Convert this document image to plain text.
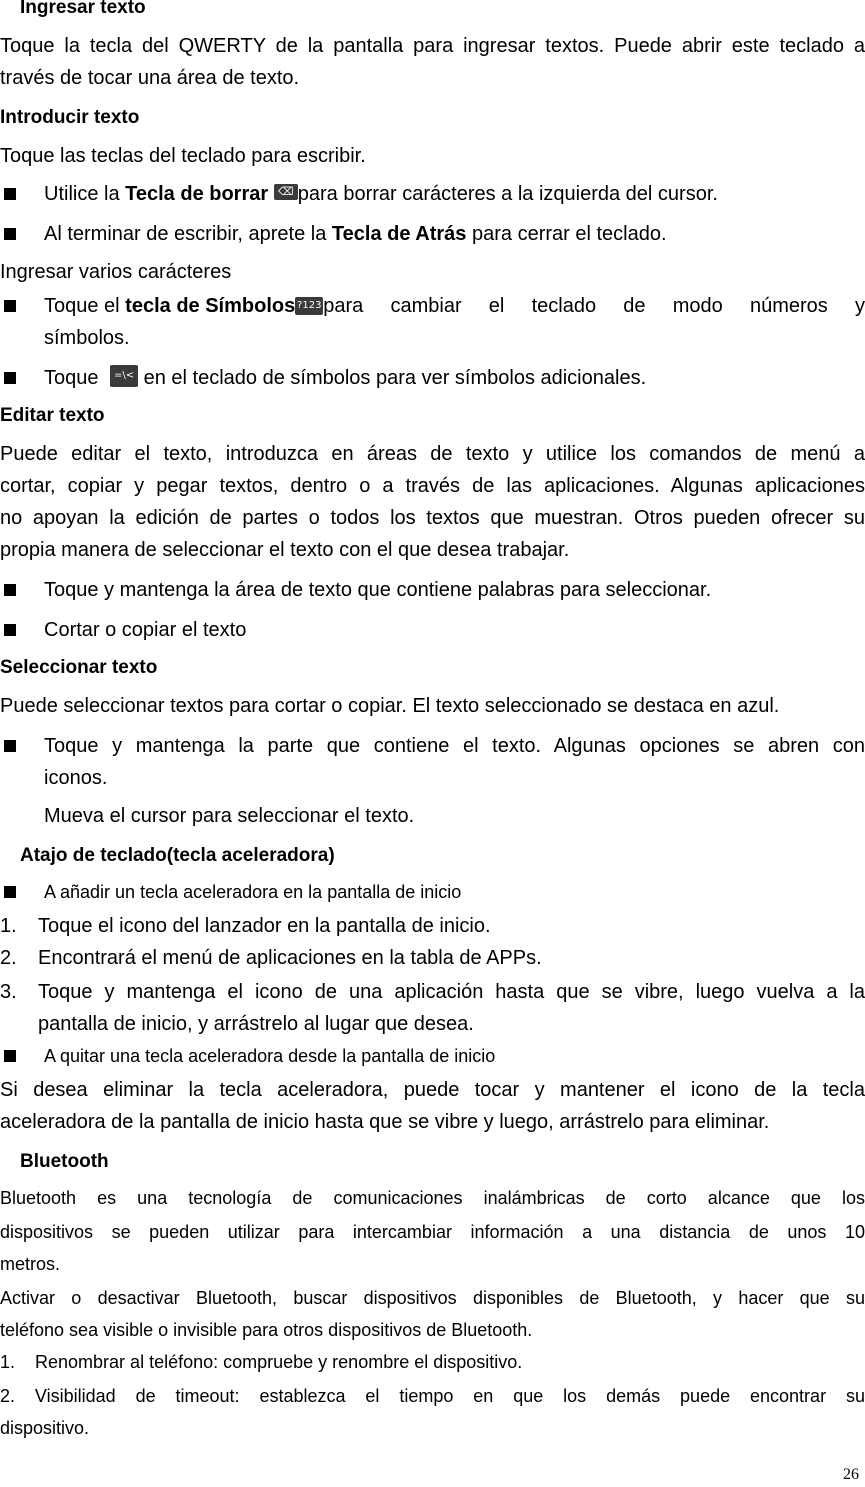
Ingresar texto

Toque la tecla del QWERTY de la pantalla para ingresar textos. Puede abrir este teclado a

través de tocar una área de texto.

Introducir texto

Toque las teclas del teclado para escribir.

Utilice la Tecla de borrar ⌫ para borrar carácteres a la izquierda del cursor.

Al terminar de escribir, aprete la Tecla de Atrás para cerrar el teclado.

Ingresar varios carácteres

Toque el tecla de Símbolos ?123 para cambiar el teclado de modo números y

símbolos.

Toque =\< en el teclado de símbolos para ver símbolos adicionales.

Editar texto

Puede editar el texto, introduzca en áreas de texto y utilice los comandos de menú a

cortar, copiar y pegar textos, dentro o a través de las aplicaciones. Algunas aplicaciones

no apoyan la edición de partes o todos los textos que muestran. Otros pueden ofrecer su

propia manera de seleccionar el texto con el que desea trabajar.

Toque y mantenga la área de texto que contiene palabras para seleccionar.

Cortar o copiar el texto

Seleccionar texto

Puede seleccionar textos para cortar o copiar. El texto seleccionado se destaca en azul.

Toque y mantenga la parte que contiene el texto. Algunas opciones se abren con

iconos.

Mueva el cursor para seleccionar el texto.

Atajo de teclado(tecla aceleradora)

A añadir un tecla aceleradora en la pantalla de inicio

1. Toque el icono del lanzador en la pantalla de inicio.

2. Encontrará el menú de aplicaciones en la tabla de APPs.

3. Toque y mantenga el icono de una aplicación hasta que se vibre, luego vuelva a la

pantalla de inicio, y arrástrelo al lugar que desea.

A quitar una tecla aceleradora desde la pantalla de inicio

Si desea eliminar la tecla aceleradora, puede tocar y mantener el icono de la tecla

aceleradora de la pantalla de inicio hasta que se vibre y luego, arrástrelo para eliminar.

Bluetooth

Bluetooth es una tecnología de comunicaciones inalámbricas de corto alcance que los

dispositivos se pueden utilizar para intercambiar información a una distancia de unos 10

metros.

Activar o desactivar Bluetooth, buscar dispositivos disponibles de Bluetooth, y hacer que su

teléfono sea visible o invisible para otros dispositivos de Bluetooth.

1.    Renombrar al teléfono: compruebe y renombre el dispositivo.

2. Visibilidad de timeout: establezca el tiempo en que los demás puede encontrar su

dispositivo.

26
